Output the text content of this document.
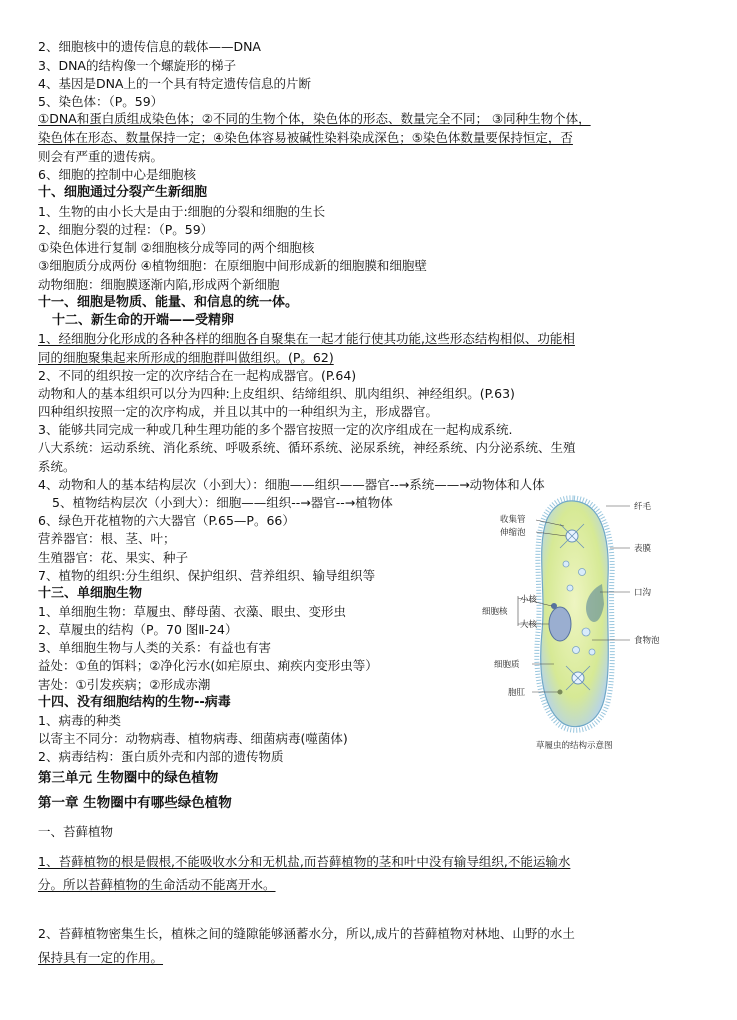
2、细胞核中的遗传信息的载体——DNA
3、DNA的结构像一个螺旋形的梯子
4、基因是DNA上的一个具有特定遗传信息的片断
5、染色体：（P。59）
①DNA和蛋白质组成染色体；②不同的生物个体，染色体的形态、数量完全不同； ③同种生物个体，
染色体在形态、数量保持一定；④染色体容易被碱性染料染成深色；⑤染色体数量要保持恒定，否
则会有严重的遗传病。
6、细胞的控制中心是细胞核
十、细胞通过分裂产生新细胞
1、生物的由小长大是由于:细胞的分裂和细胞的生长
2、细胞分裂的过程：（P。59）
①染色体进行复制 ②细胞核分成等同的两个细胞核
③细胞质分成两份 ④植物细胞：在原细胞中间形成新的细胞膜和细胞壁
动物细胞：细胞膜逐渐内陷,形成两个新细胞
十一、细胞是物质、能量、和信息的统一体。
十二、新生命的开端——受精卵
1、经细胞分化形成的各种各样的细胞各自聚集在一起才能行使其功能,这些形态结构相似、功能相
同的细胞聚集起来所形成的细胞群叫做组织。(P。62)
2、不同的组织按一定的次序结合在一起构成器官。(P.64)
动物和人的基本组织可以分为四种:上皮组织、结缔组织、肌肉组织、神经组织。(P.63)
四种组织按照一定的次序构成，并且以其中的一种组织为主，形成器官。
3、能够共同完成一种或几种生理功能的多个器官按照一定的次序组成在一起构成系统.
八大系统：运动系统、消化系统、呼吸系统、循环系统、泌尿系统，神经系统、内分泌系统、生殖
系统。
4、动物和人的基本结构层次（小到大）：细胞——组织——器官--→系统——→动物体和人体
5、植物结构层次（小到大）：细胞——组织--→器官--→植物体
6、绿色开花植物的六大器官（P.65—P。66）
营养器官：根、茎、叶；
生殖器官：花、果实、种子
7、植物的组织:分生组织、保护组织、营养组织、输导组织等
十三、单细胞生物
1、单细胞生物：草履虫、酵母菌、衣藻、眼虫、变形虫
2、草履虫的结构（P。70 图Ⅱ-24）
3、单细胞生物与人类的关系：有益也有害
益处：①鱼的饵料；②净化污水(如疟原虫、痢疾内变形虫等）
害处：①引发疾病；②形成赤潮
十四、没有细胞结构的生物--病毒
1、病毒的种类
以寄主不同分：动物病毒、植物病毒、细菌病毒(噬菌体)
2、病毒结构：蛋白质外壳和内部的遗传物质
第三单元 生物圈中的绿色植物
第一章 生物圈中有哪些绿色植物
一、苔藓植物
1、苔藓植物的根是假根,不能吸收水分和无机盐,而苔藓植物的茎和叶中没有输导组织,不能运输水
分。所以苔藓植物的生命活动不能离开水。
2、苔藓植物密集生长，植株之间的缝隙能够涵蓄水分，所以,成片的苔藓植物对林地、山野的水土
保持具有一定的作用。
纤毛
收集管
伸缩泡
表膜
口沟
小核
大核
细胞核
食物泡
细胞质
胞肛
草履虫的结构示意图
